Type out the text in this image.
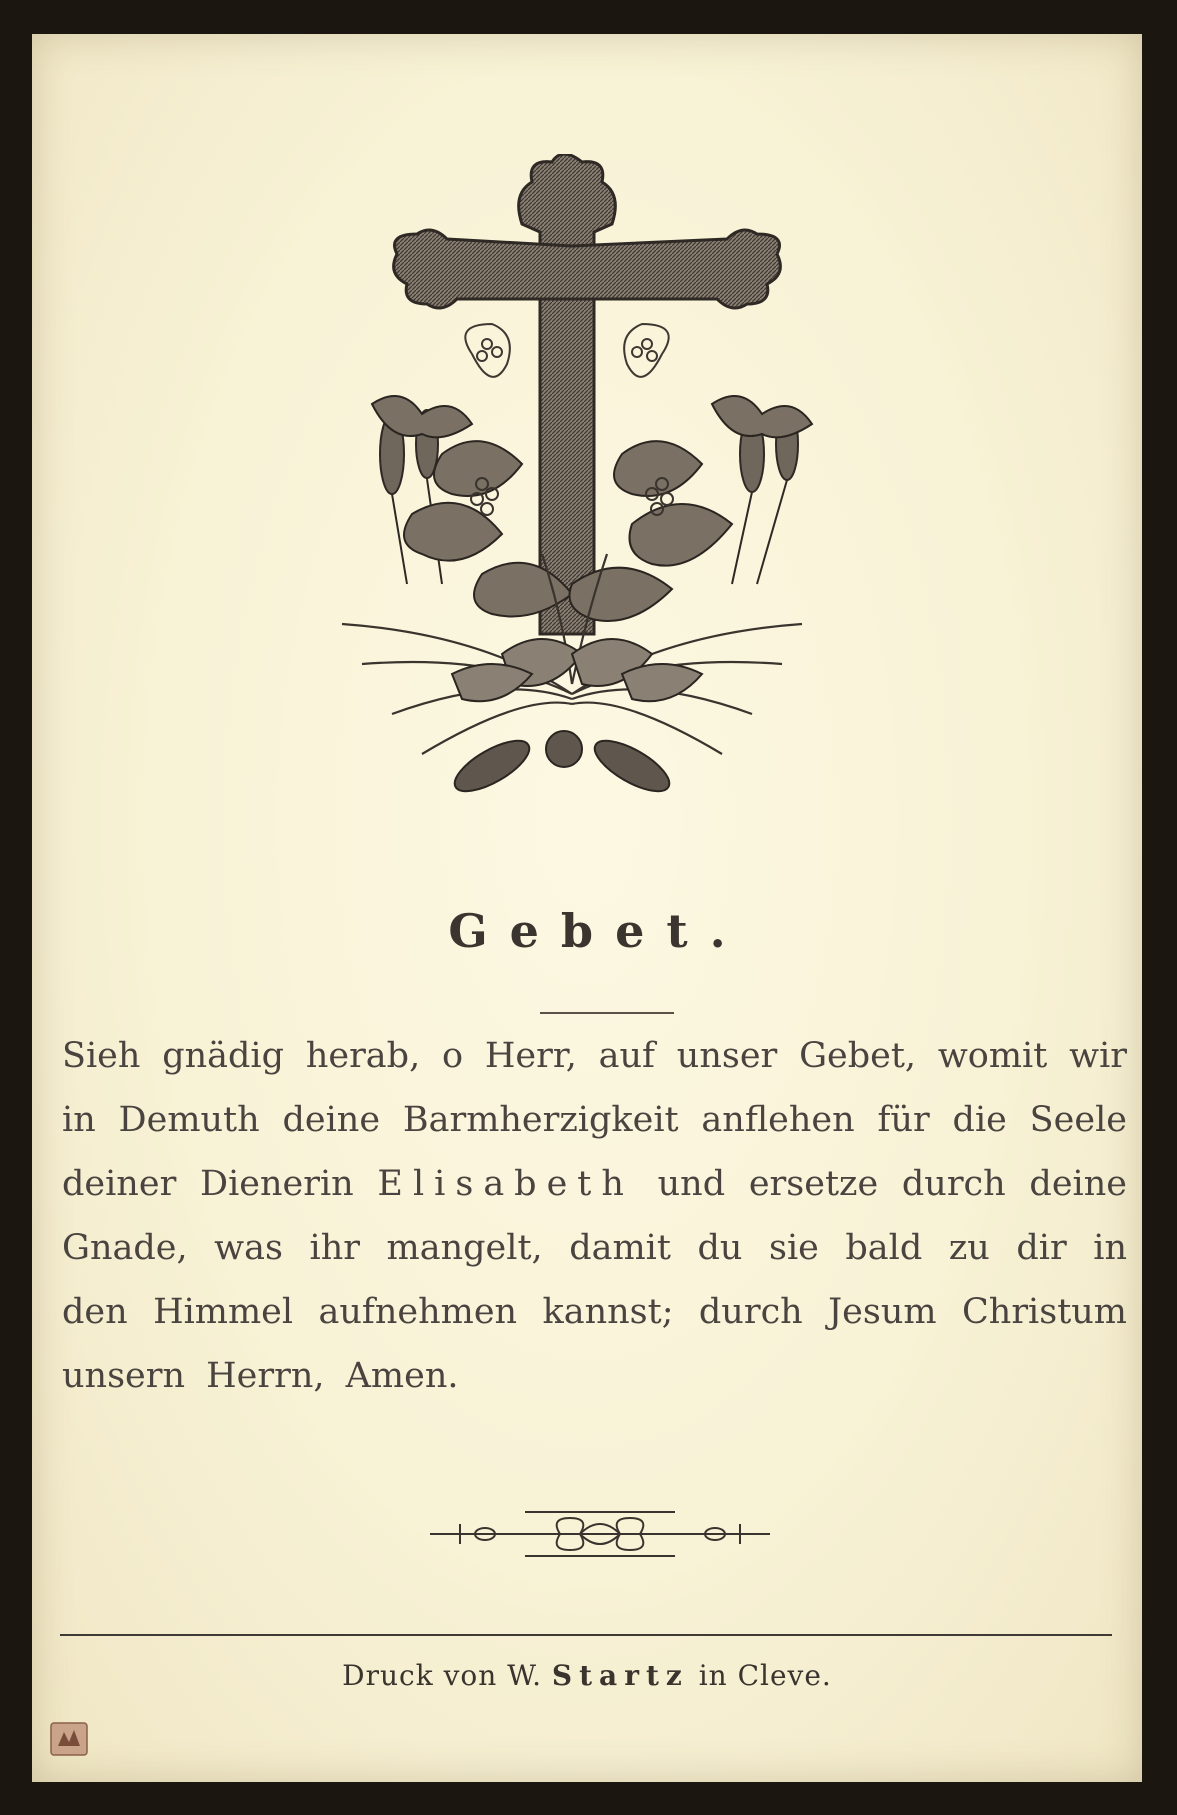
Gebet.
Sieh gnädig herab, o Herr, auf unser Gebet, womit wir in Demuth deine Barmherzigkeit anflehen für die Seele deiner Dienerin Elisabeth und ersetze durch deine Gnade, was ihr mangelt, damit du sie bald zu dir in den Himmel aufnehmen kannst; durch Jesum Christum unsern Herrn, Amen.
Druck von W. Startz in Cleve.
